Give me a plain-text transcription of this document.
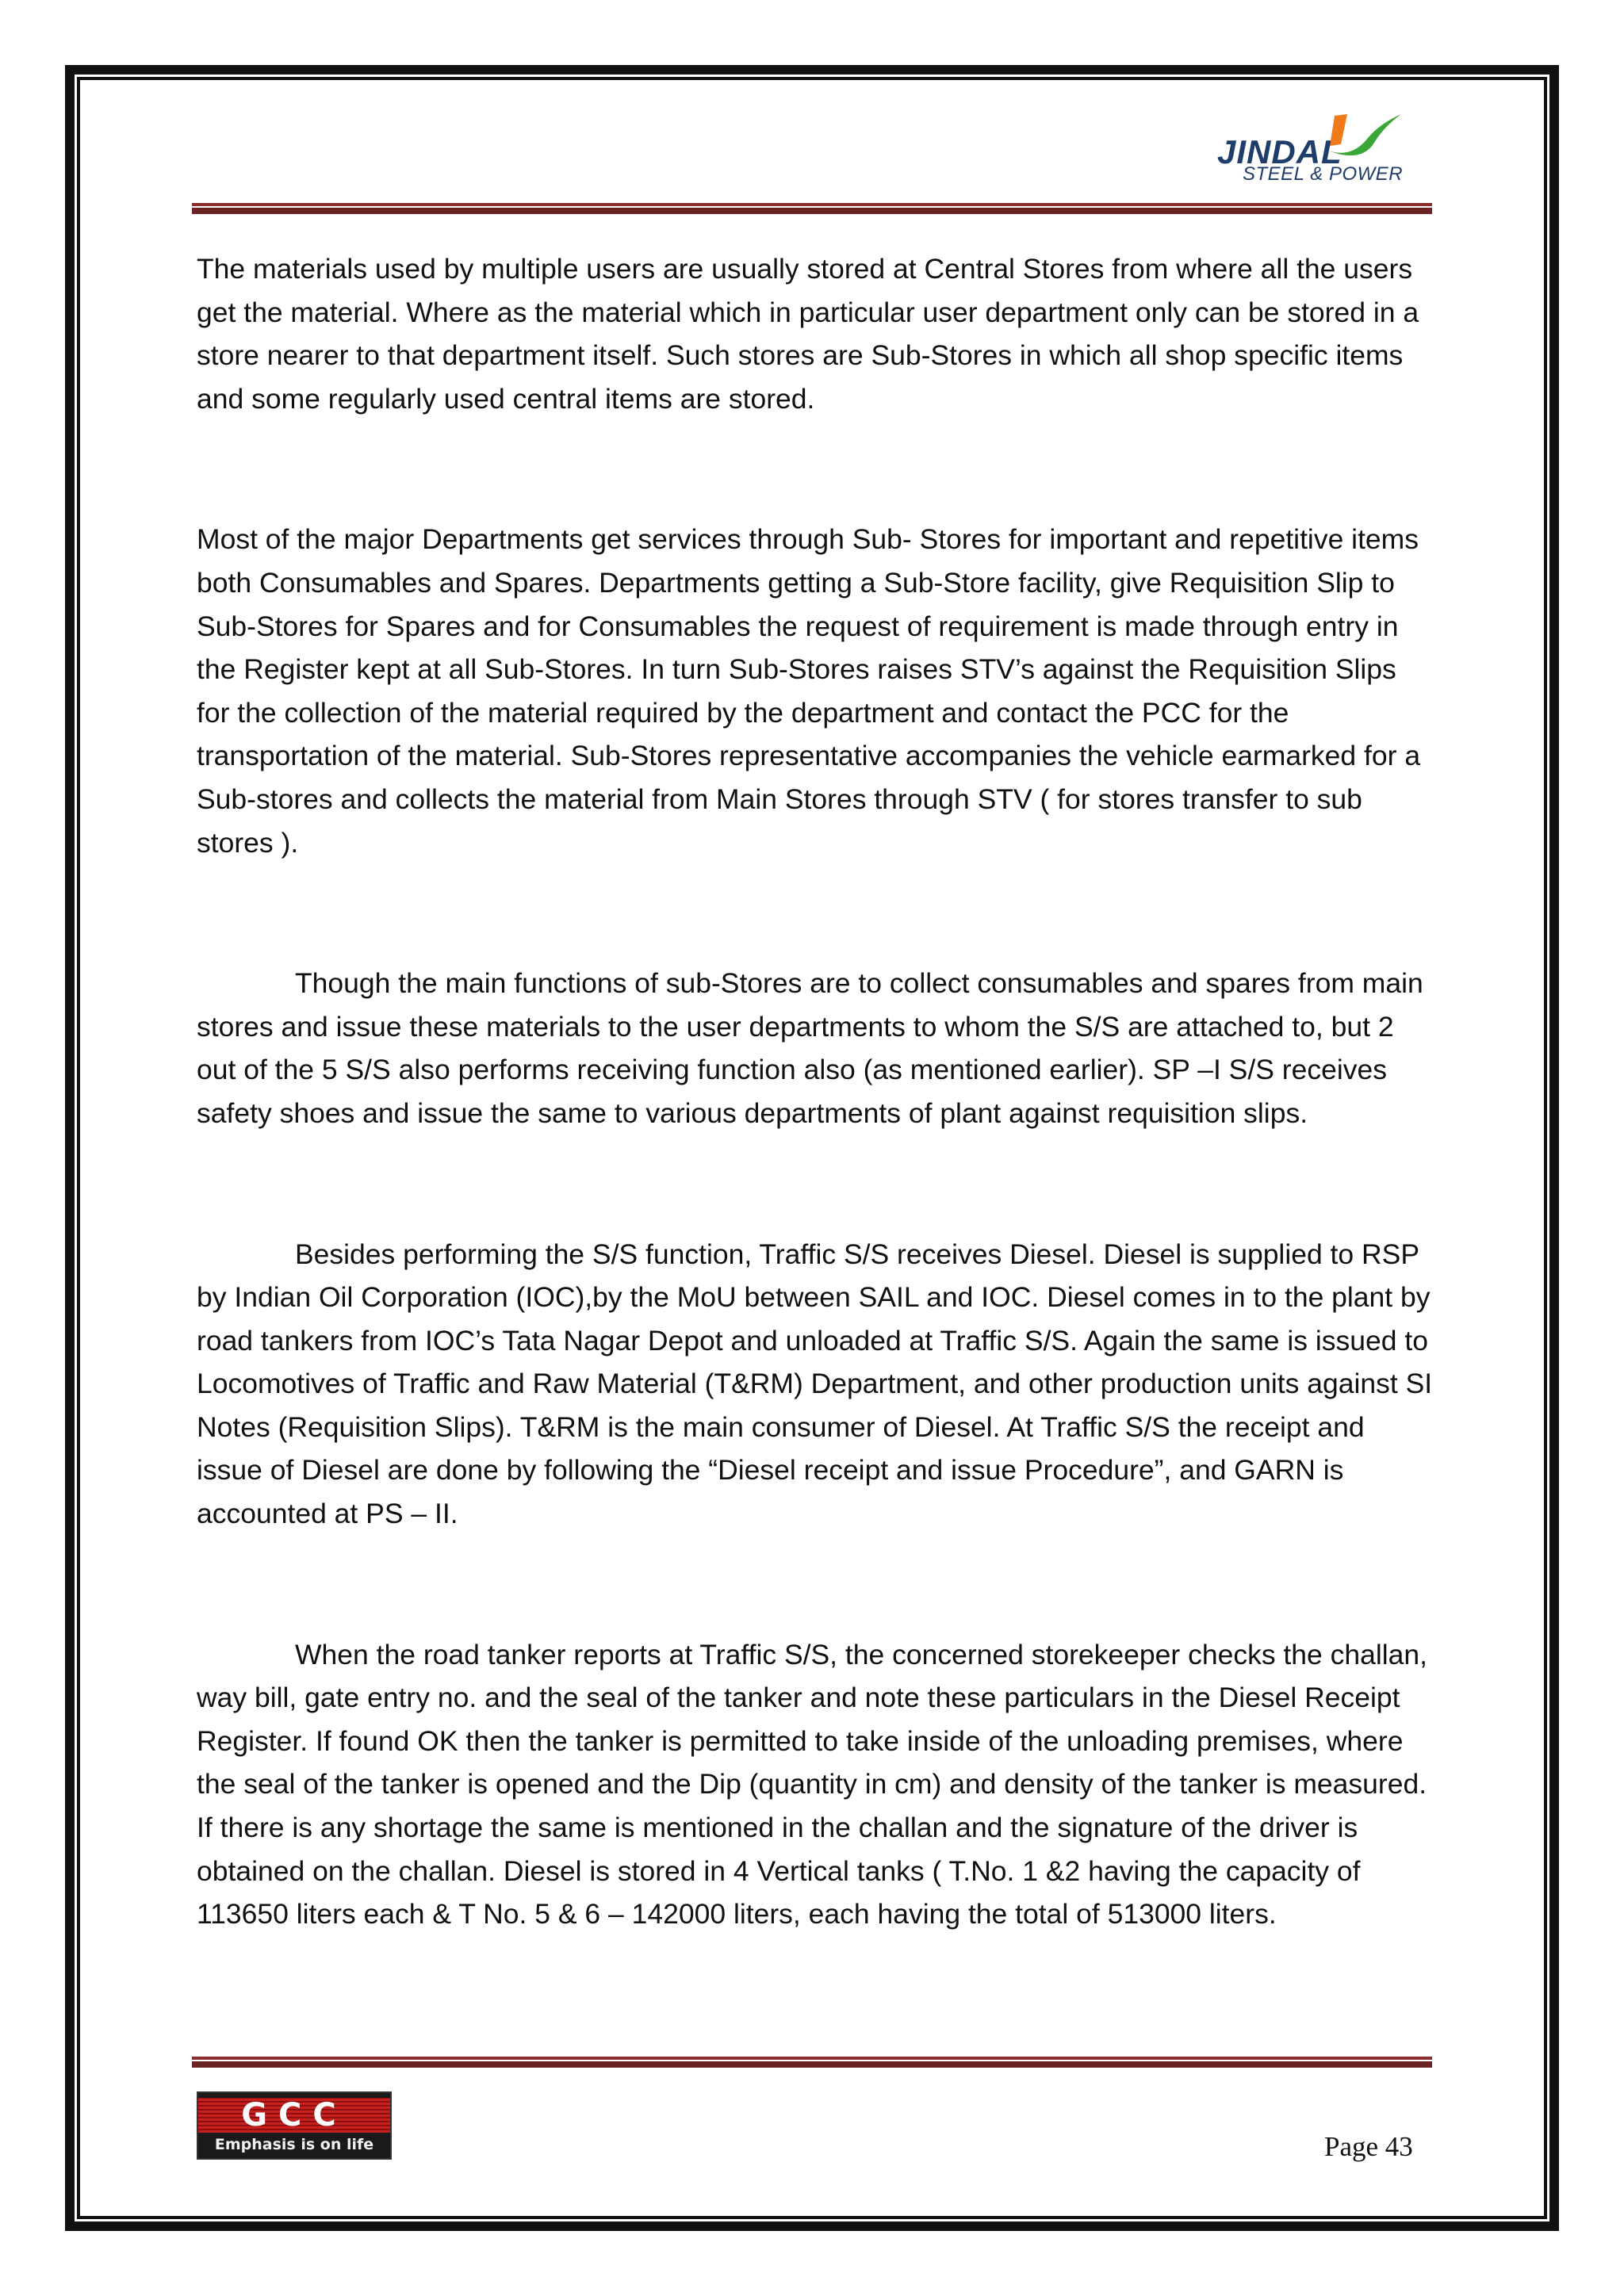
JINDAL
STEEL & POWER

The materials used by multiple users are usually stored at Central Stores from where all the users get the material. Where as the material which in particular user department only can be stored in a store nearer to that department itself. Such stores are Sub-Stores in which all shop specific items and some regularly used central items are stored.

Most of the major Departments get services through Sub- Stores for important and repetitive items both Consumables and Spares. Departments getting a Sub-Store facility, give Requisition Slip to Sub-Stores for Spares and for Consumables the request of requirement is made through entry in the Register kept at all Sub-Stores. In turn Sub-Stores raises STV’s against the Requisition Slips for the collection of the material required by the department and contact the PCC for the transportation of the material. Sub-Stores representative accompanies the vehicle earmarked for a Sub-stores and collects the material from Main Stores through STV ( for stores transfer to sub stores ).

Though the main functions of sub-Stores are to collect consumables and spares from main stores and issue these materials to the user departments to whom the S/S are attached to, but 2 out of the 5 S/S also performs receiving function also (as mentioned earlier). SP –I S/S receives safety shoes and issue the same to various departments of plant against requisition slips.

Besides performing the S/S function, Traffic S/S receives Diesel. Diesel is supplied to RSP by Indian Oil Corporation (IOC),by the MoU between SAIL and IOC. Diesel comes in to the plant by road tankers from IOC’s Tata Nagar Depot and unloaded at Traffic S/S. Again the same is issued to Locomotives of Traffic and Raw Material (T&RM) Department, and other production units against SI Notes (Requisition Slips). T&RM is the main consumer of Diesel. At Traffic S/S the receipt and issue of Diesel are done by following the “Diesel receipt and issue Procedure”, and GARN is accounted at PS – II.

When the road tanker reports at Traffic S/S, the concerned storekeeper checks the challan, way bill, gate entry no. and the seal of the tanker and note these particulars in the Diesel Receipt Register. If found OK then the tanker is permitted to take inside of the unloading premises, where the seal of the tanker is opened and the Dip (quantity in cm) and density of the tanker is measured. If there is any shortage the same is mentioned in the challan and the signature of the driver is obtained on the challan. Diesel is stored in 4 Vertical tanks ( T.No. 1 &2 having the capacity of 113650 liters each & T No. 5 & 6 – 142000 liters, each having the total of 513000 liters.

GCC
Emphasis is on life	Page 43
